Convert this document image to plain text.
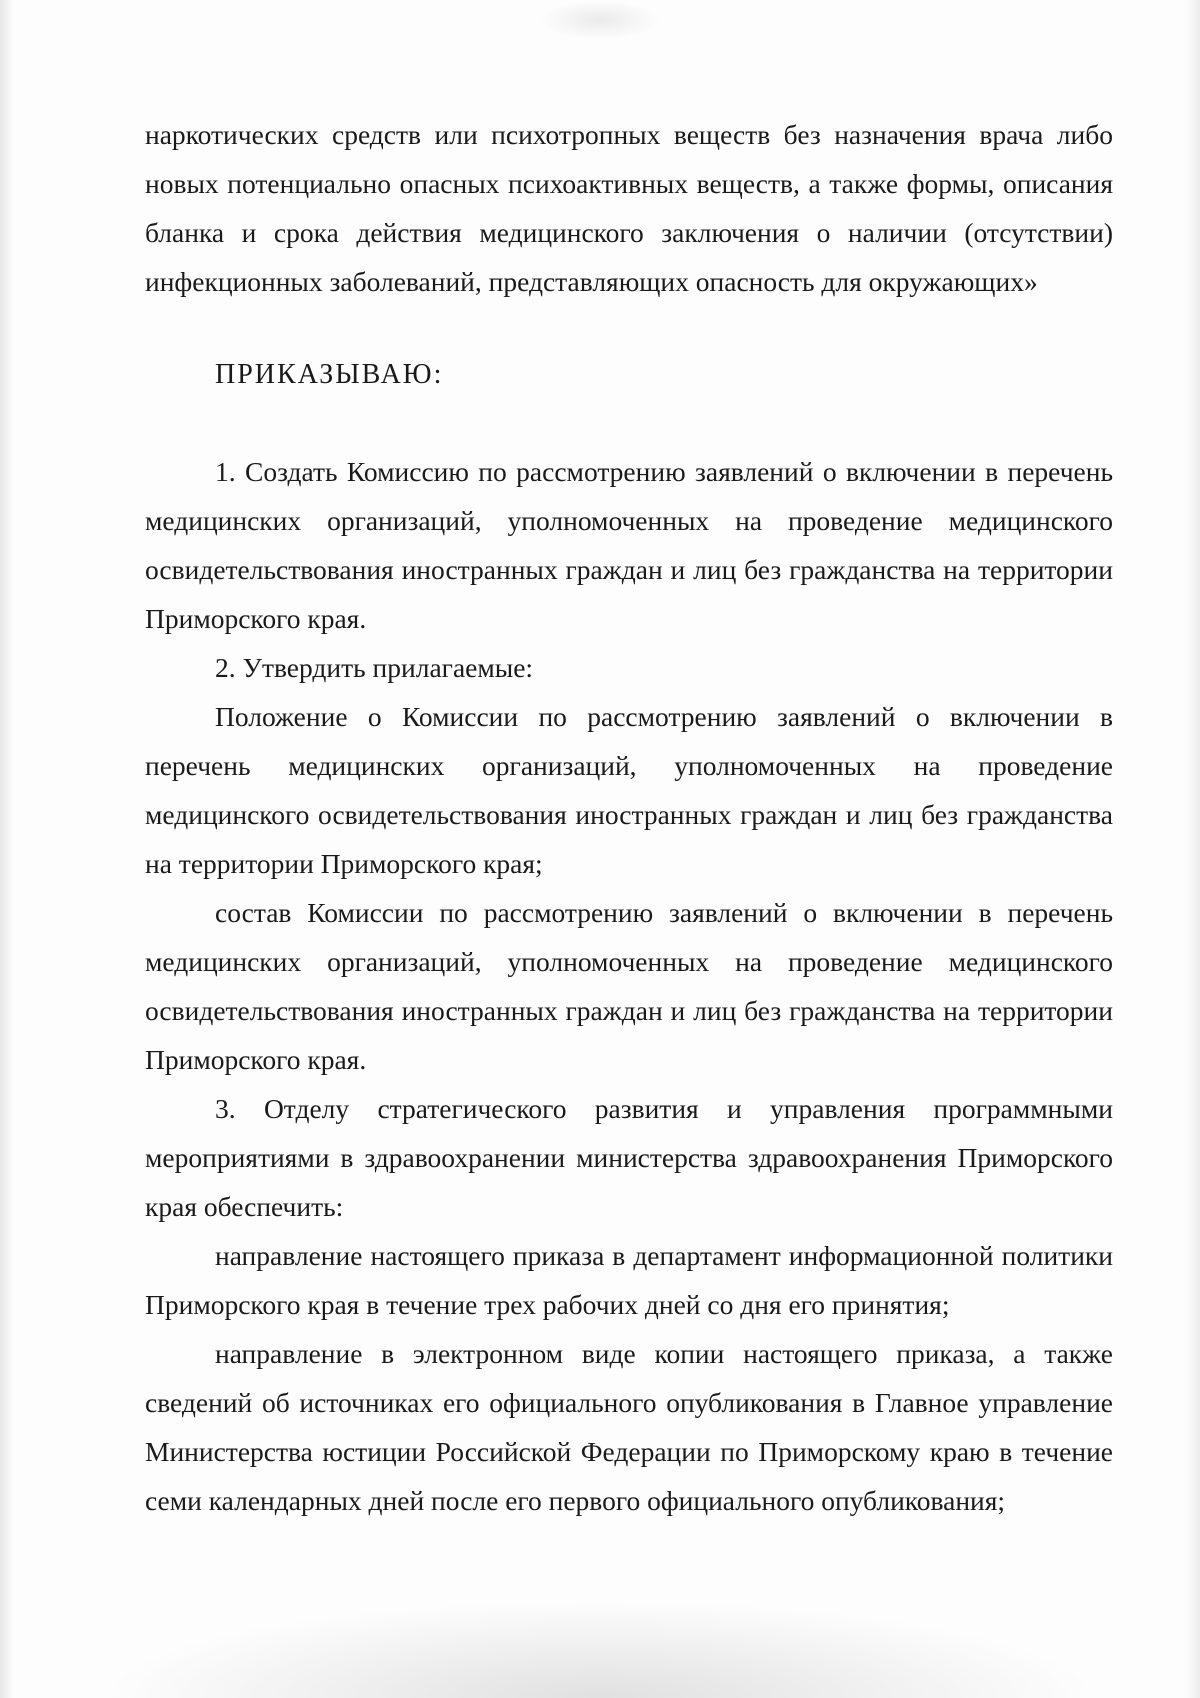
наркотических средств или психотропных веществ без назначения врача либо новых потенциально опасных психоактивных веществ, а также формы, описания бланка и срока действия медицинского заключения о наличии (отсутствии) инфекционных заболеваний, представляющих опасность для окружающих»

ПРИКАЗЫВАЮ:

1. Создать Комиссию по рассмотрению заявлений о включении в перечень медицинских организаций, уполномоченных на проведение медицинского освидетельствования иностранных граждан и лиц без гражданства на территории Приморского края.

2. Утвердить прилагаемые:

Положение о Комиссии по рассмотрению заявлений о включении в перечень медицинских организаций, уполномоченных на проведение медицинского освидетельствования иностранных граждан и лиц без гражданства на территории Приморского края;

состав Комиссии по рассмотрению заявлений о включении в перечень медицинских организаций, уполномоченных на проведение медицинского освидетельствования иностранных граждан и лиц без гражданства на территории Приморского края.

3. Отделу стратегического развития и управления программными мероприятиями в здравоохранении министерства здравоохранения Приморского края обеспечить:

направление настоящего приказа в департамент информационной политики Приморского края в течение трех рабочих дней со дня его принятия;

направление в электронном виде копии настоящего приказа, а также сведений об источниках его официального опубликования в Главное управление Министерства юстиции Российской Федерации по Приморскому краю в течение семи календарных дней после его первого официального опубликования;
